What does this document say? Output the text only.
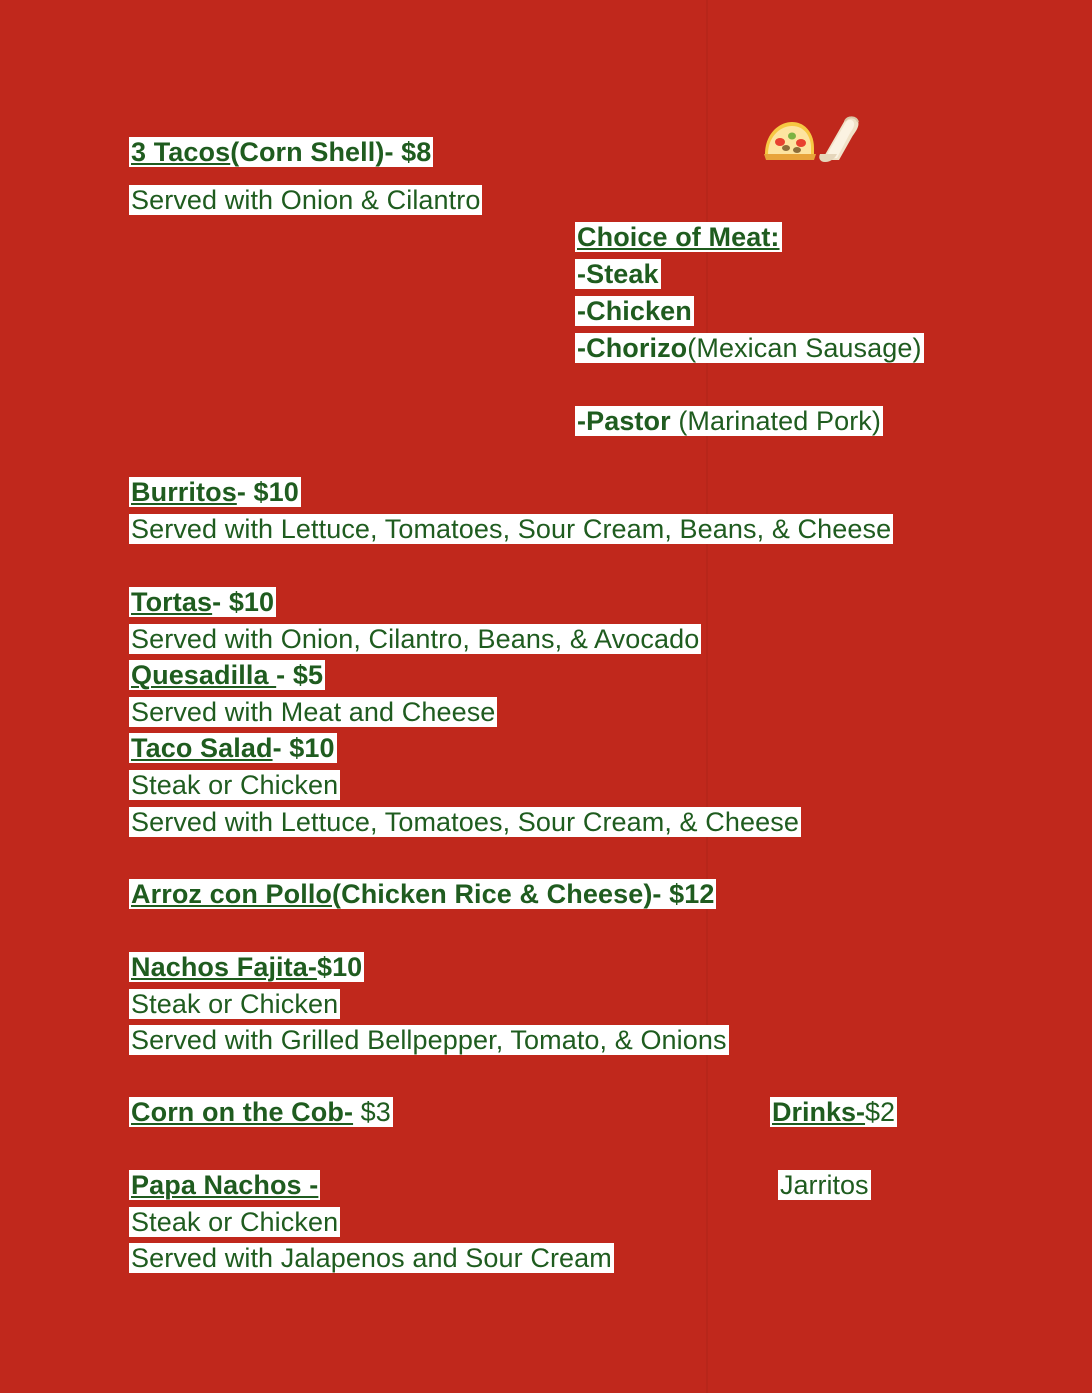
3 Tacos(Corn Shell)- $8
Served with Onion & Cilantro
Choice of Meat:
-Steak
-Chicken
-Chorizo(Mexican Sausage)
-Pastor (Marinated Pork)
Burritos- $10
Served with Lettuce, Tomatoes, Sour Cream, Beans, & Cheese
Tortas- $10
Served with Onion, Cilantro, Beans, & Avocado
Quesadilla - $5
Served with Meat and Cheese
Taco Salad- $10
Steak or Chicken
Served with Lettuce, Tomatoes, Sour Cream, & Cheese
Arroz con Pollo(Chicken Rice & Cheese)- $12
Nachos Fajita-$10
Steak or Chicken
Served with Grilled Bellpepper, Tomato, & Onions
Corn on the Cob- $3	Drinks-$2
Papa Nachos -	Jarritos
Steak or Chicken
Served with Jalapenos and Sour Cream
